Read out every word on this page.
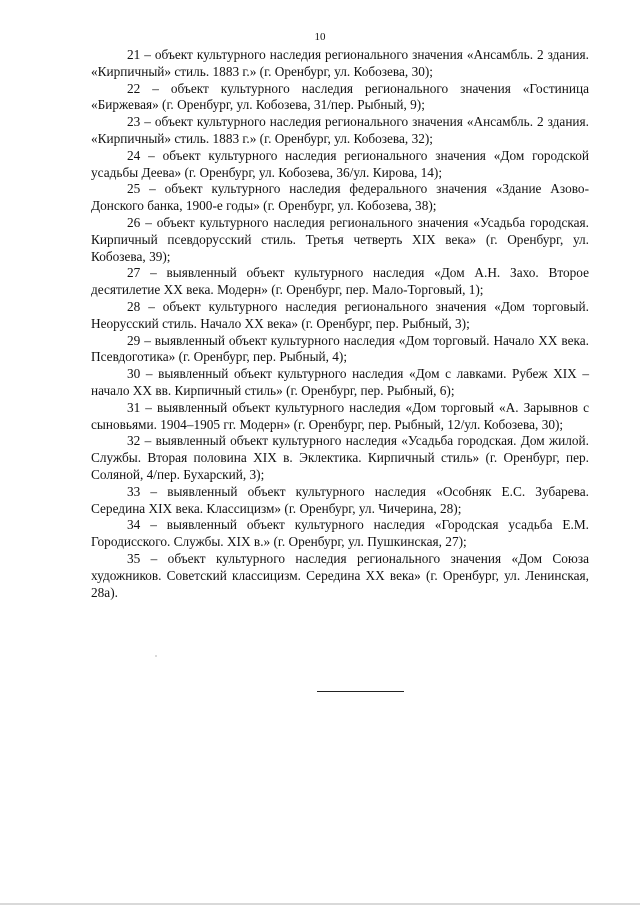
10

21 – объект культурного наследия регионального значения «Ансамбль. 2 здания. «Кирпичный» стиль. 1883 г.» (г. Оренбург, ул. Кобозева, 30);

22 – объект культурного наследия регионального значения «Гостиница «Биржевая» (г. Оренбург, ул. Кобозева, 31/пер. Рыбный, 9);

23 – объект культурного наследия регионального значения «Ансамбль. 2 здания. «Кирпичный» стиль. 1883 г.» (г. Оренбург, ул. Кобозева, 32);

24 – объект культурного наследия регионального значения «Дом городской усадьбы Деева» (г. Оренбург, ул. Кобозева, 36/ул. Кирова, 14);

25 – объект культурного наследия федерального значения «Здание Азово-Донского банка, 1900-е годы» (г. Оренбург, ул. Кобозева, 38);

26 – объект культурного наследия регионального значения «Усадьба городская. Кирпичный псевдорусский стиль. Третья четверть XIX века» (г. Оренбург, ул. Кобозева, 39);

27 – выявленный объект культурного наследия «Дом А.Н. Захо. Второе десятилетие XX века. Модерн» (г. Оренбург, пер. Мало-Торговый, 1);

28 – объект культурного наследия регионального значения «Дом торговый. Неорусский стиль. Начало XX века» (г. Оренбург, пер. Рыбный, 3);

29 – выявленный объект культурного наследия «Дом торговый. Начало XX века. Псевдоготика» (г. Оренбург, пер. Рыбный, 4);

30 – выявленный объект культурного наследия «Дом с лавками. Рубеж XIX – начало XX вв. Кирпичный стиль» (г. Оренбург, пер. Рыбный, 6);

31 – выявленный объект культурного наследия «Дом торговый «А. Зарывнов с сыновьями. 1904–1905 гг. Модерн» (г. Оренбург, пер. Рыбный, 12/ул. Кобозева, 30);

32 – выявленный объект культурного наследия «Усадьба городская. Дом жилой. Службы. Вторая половина XIX в. Эклектика. Кирпичный стиль» (г. Оренбург, пер. Соляной, 4/пер. Бухарский, 3);

33 – выявленный объект культурного наследия «Особняк Е.С. Зубарева. Середина XIX века. Классицизм» (г. Оренбург, ул. Чичерина, 28);

34 – выявленный объект культурного наследия «Городская усадьба Е.М. Городисского. Службы. XIX в.» (г. Оренбург, ул. Пушкинская, 27);

35 – объект культурного наследия регионального значения «Дом Союза художников. Советский классицизм. Середина XX века» (г. Оренбург, ул. Ленинская, 28а).
